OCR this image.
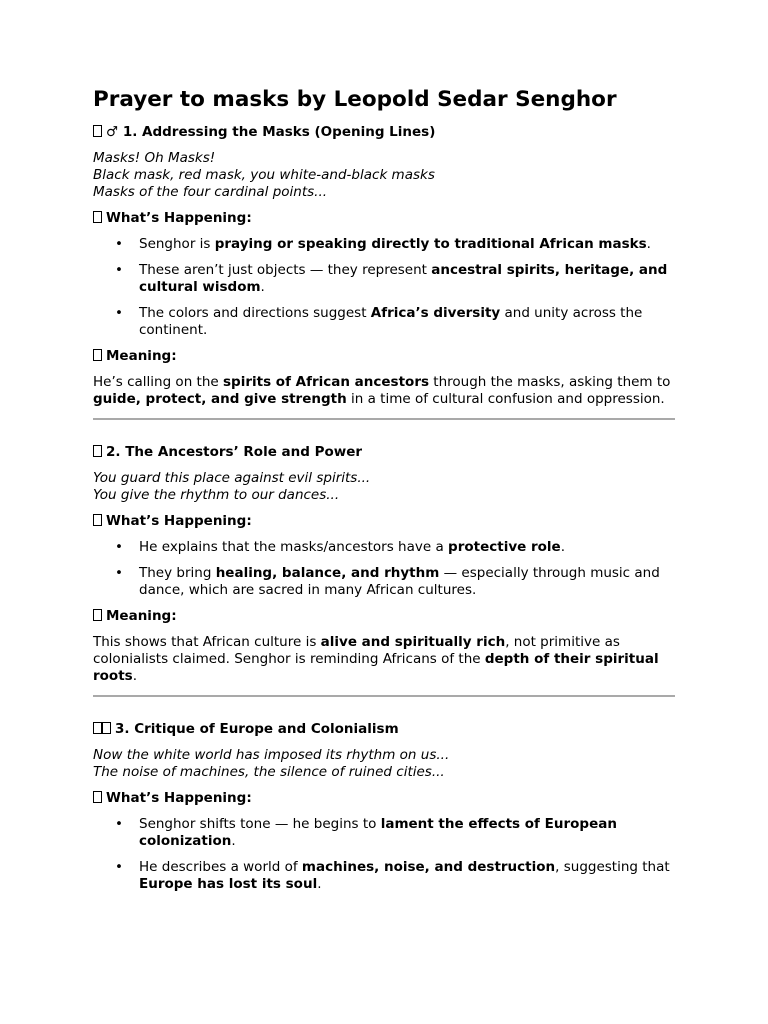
Prayer to masks by Leopold Sedar Senghor
♂ 1. Addressing the Masks (Opening Lines)
Masks! Oh Masks!
Black mask, red mask, you white-and-black masks
Masks of the four cardinal points...
What’s Happening:
• Senghor is praying or speaking directly to traditional African masks.
• These aren’t just objects — they represent ancestral spirits, heritage, and cultural wisdom.
• The colors and directions suggest Africa’s diversity and unity across the continent.
Meaning:

He’s calling on the spirits of African ancestors through the masks, asking them to guide, protect, and give strength in a time of cultural confusion and oppression.

2. The Ancestors’ Role and Power
You guard this place against evil spirits...
You give the rhythm to our dances...
What’s Happening:
• He explains that the masks/ancestors have a protective role.
• They bring healing, balance, and rhythm — especially through music and dance, which are sacred in many African cultures.
Meaning:

This shows that African culture is alive and spiritually rich, not primitive as colonialists claimed. Senghor is reminding Africans of the depth of their spiritual roots.

3. Critique of Europe and Colonialism
Now the white world has imposed its rhythm on us...
The noise of machines, the silence of ruined cities...
What’s Happening:
• Senghor shifts tone — he begins to lament the effects of European colonization.
• He describes a world of machines, noise, and destruction, suggesting that Europe has lost its soul.
